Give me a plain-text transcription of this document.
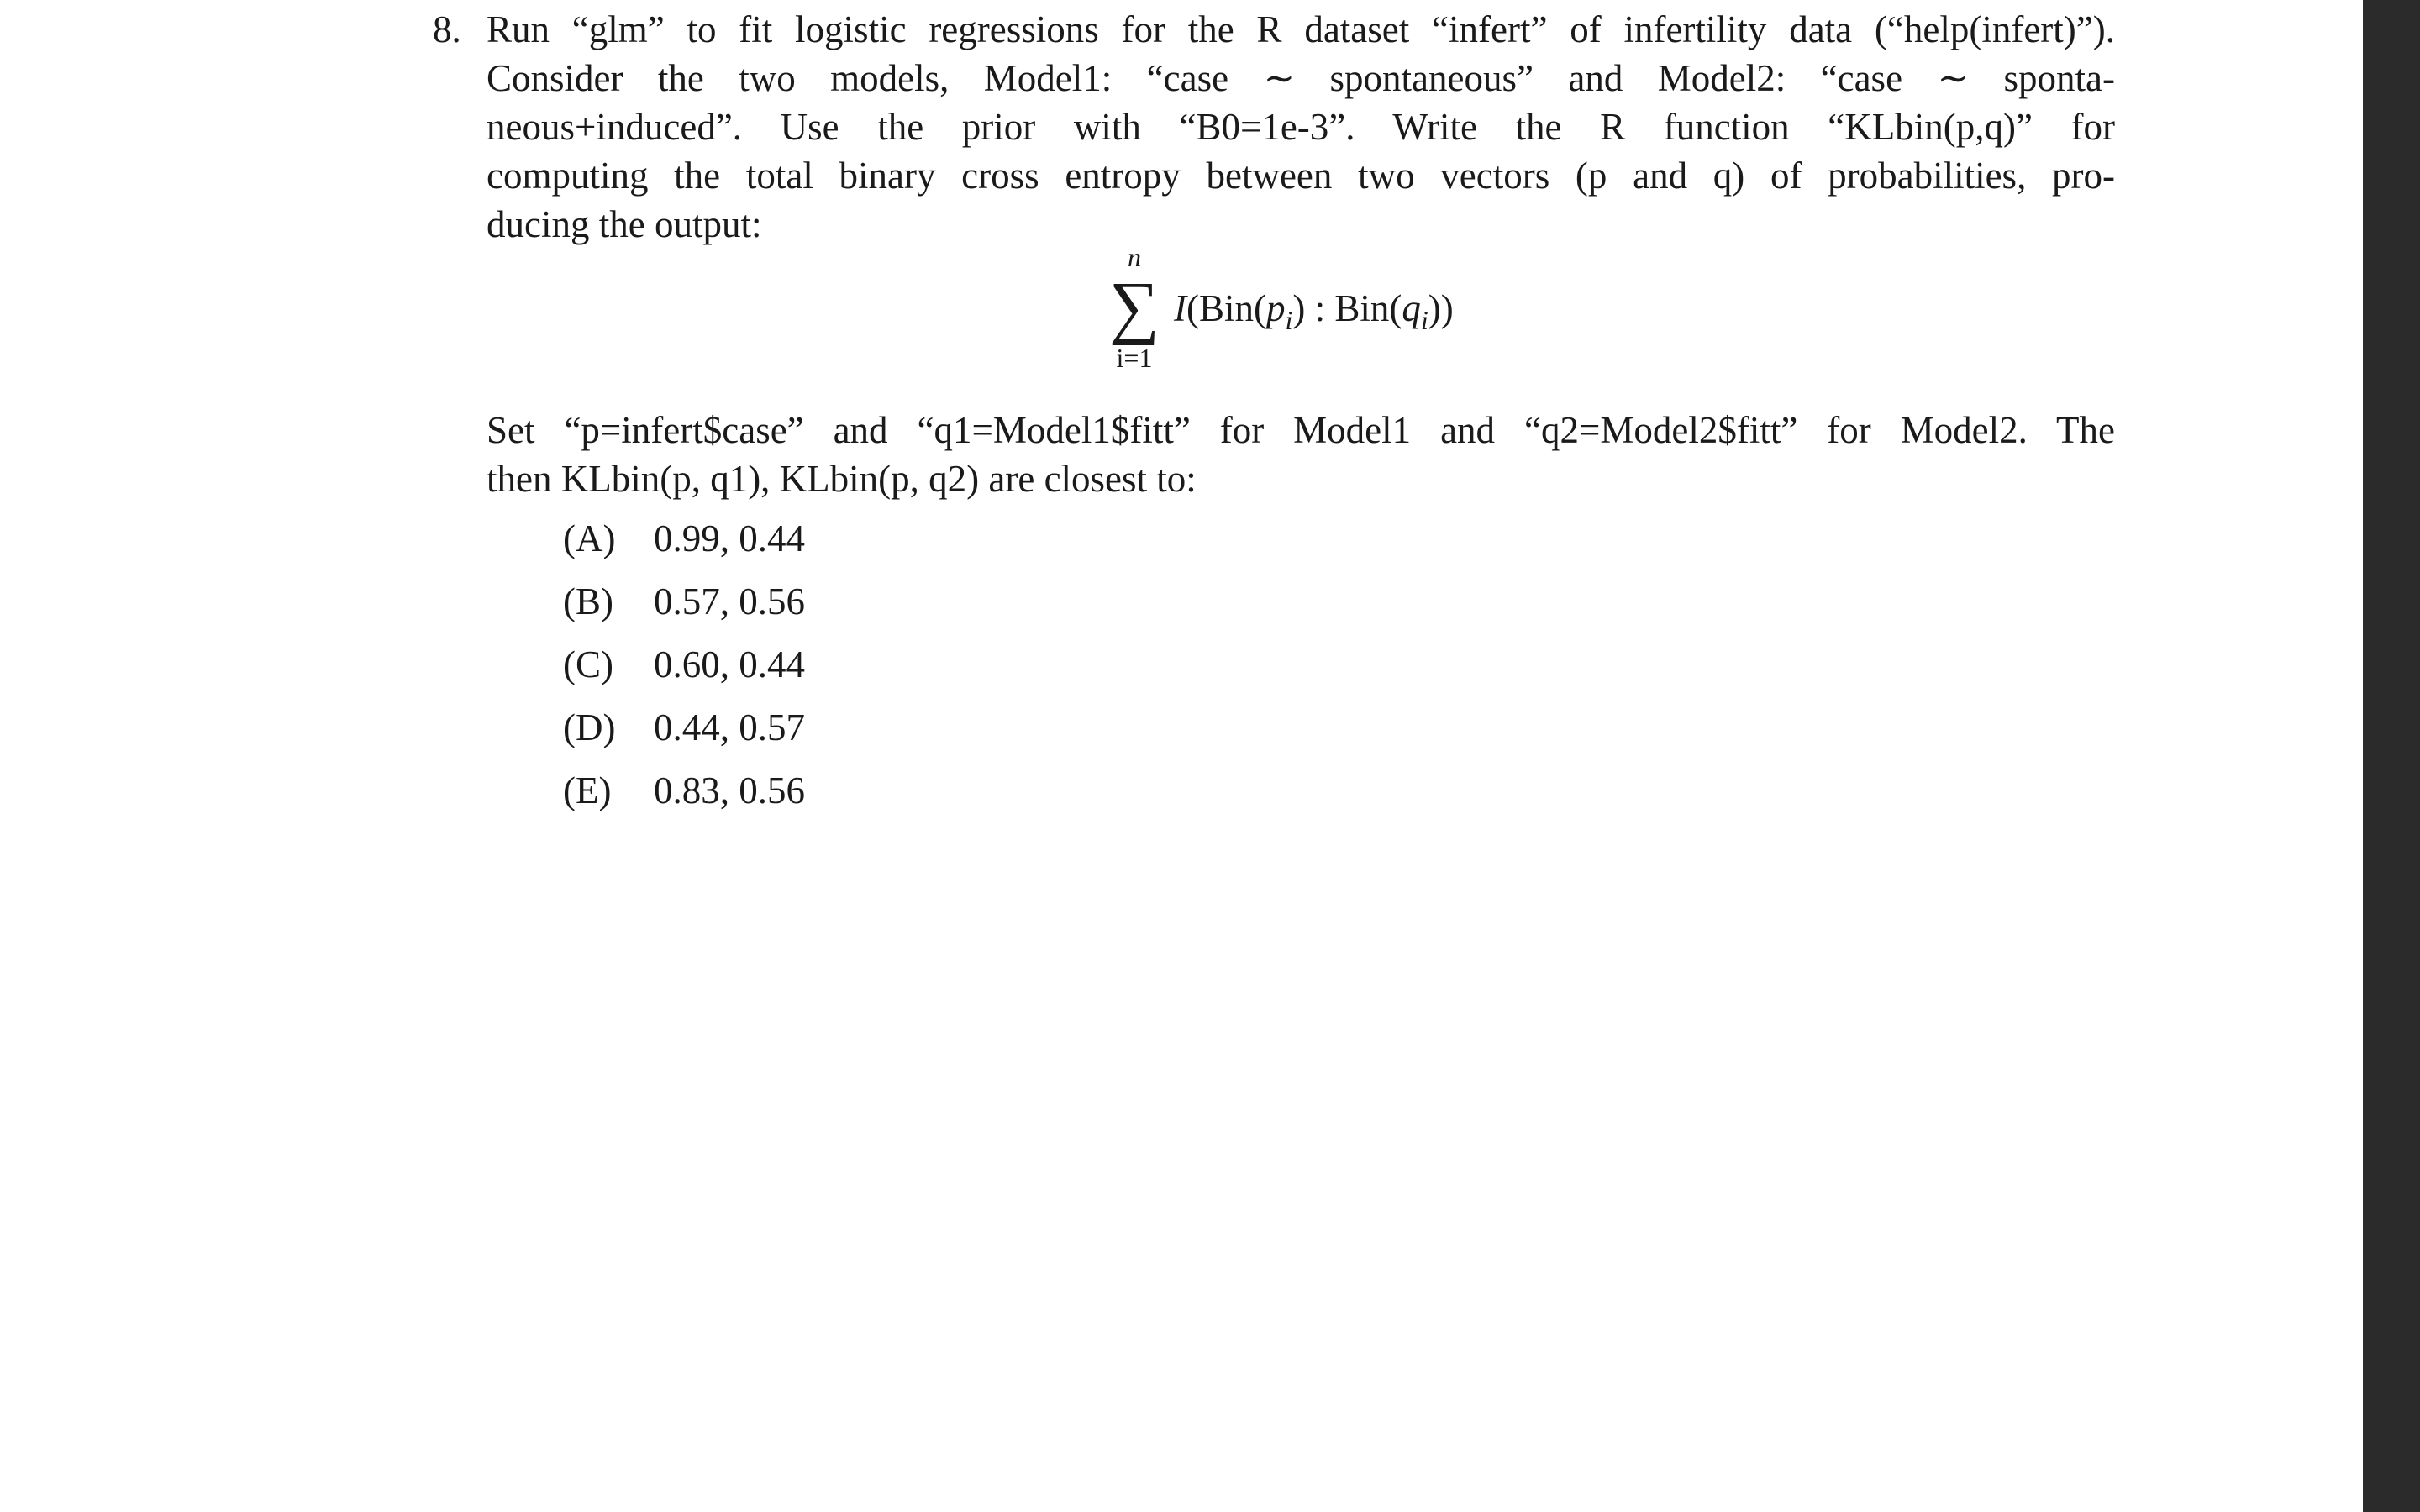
8. Run “glm” to fit logistic regressions for the R dataset “infert” of infertility data (“help(infert)”).
Consider the two models, Model1: “case ∼ spontaneous” and Model2: “case ∼ sponta-
neous+induced”. Use the prior with “B0=1e-3”. Write the R function “KLbin(p,q)” for
computing the total binary cross entropy between two vectors (p and q) of probabilities, pro-
ducing the output:
n
∑
i=1
$I(Bin(p_i)$ : $Bin(q_i)$)
Set “p=infert$case” and “q1=Model1$fitt” for Model1 and “q2=Model2$fitt” for Model2. The
then KLbin(p, q1), KLbin(p, q2) are closest to:
(A)	0.99, 0.44
(B)	0.57, 0.56
(C)	0.60, 0.44
(D)	0.44, 0.57
(E)	0.83, 0.56
